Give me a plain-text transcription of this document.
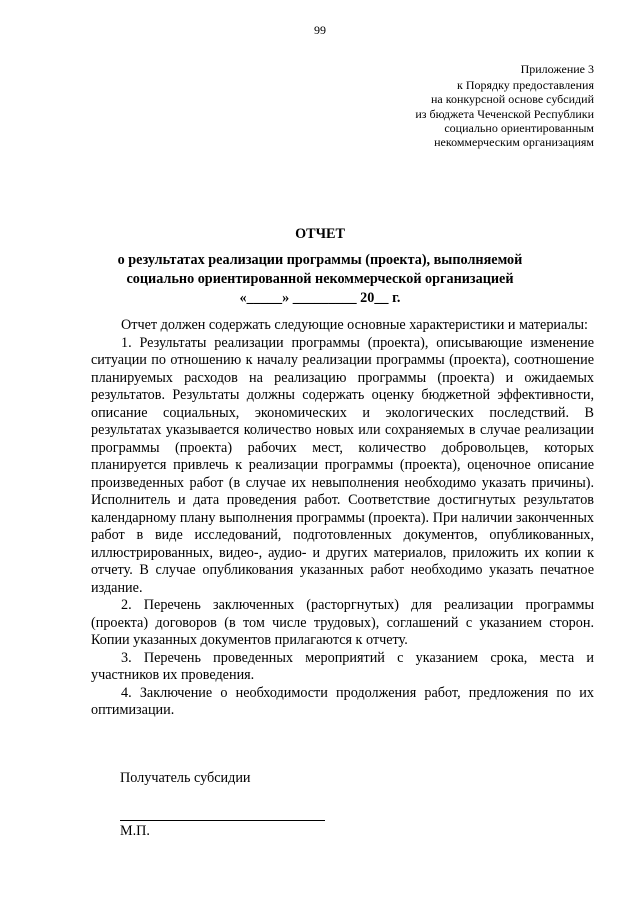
99
Приложение 3
к Порядку предоставления
на конкурсной основе субсидий
из бюджета Чеченской Республики
социально ориентированным
некоммерческим организациям
ОТЧЕТ
о результатах реализации программы (проекта), выполняемой
социально ориентированной некоммерческой организацией
«_____» _________ 20__ г.

Отчет должен содержать следующие основные характеристики и материалы:

1. Результаты реализации программы (проекта), описывающие изменение ситуации по отношению к началу реализации программы (проекта), соотношение планируемых расходов на реализацию программы (проекта) и ожидаемых результатов. Результаты должны содержать оценку бюджетной эффективности, описание социальных, экономических и экологических последствий. В результатах указывается количество новых или сохраняемых в случае реализации программы (проекта) рабочих мест, количество добровольцев, которых планируется привлечь к реализации программы (проекта), оценочное описание произведенных работ (в случае их невыполнения необходимо указать причины). Исполнитель и дата проведения работ. Соответствие достигнутых результатов календарному плану выполнения программы (проекта). При наличии законченных работ в виде исследований, подготовленных документов, опубликованных, иллюстрированных, видео-, аудио- и других материалов, приложить их копии к отчету. В случае опубликования указанных работ необходимо указать печатное издание.

2. Перечень заключенных (расторгнутых) для реализации программы (проекта) договоров (в том числе трудовых), соглашений с указанием сторон. Копии указанных документов прилагаются к отчету.

3. Перечень проведенных мероприятий с указанием срока, места и участников их проведения.

4. Заключение о необходимости продолжения работ, предложения по их оптимизации.

Получатель субсидии
М.П.
